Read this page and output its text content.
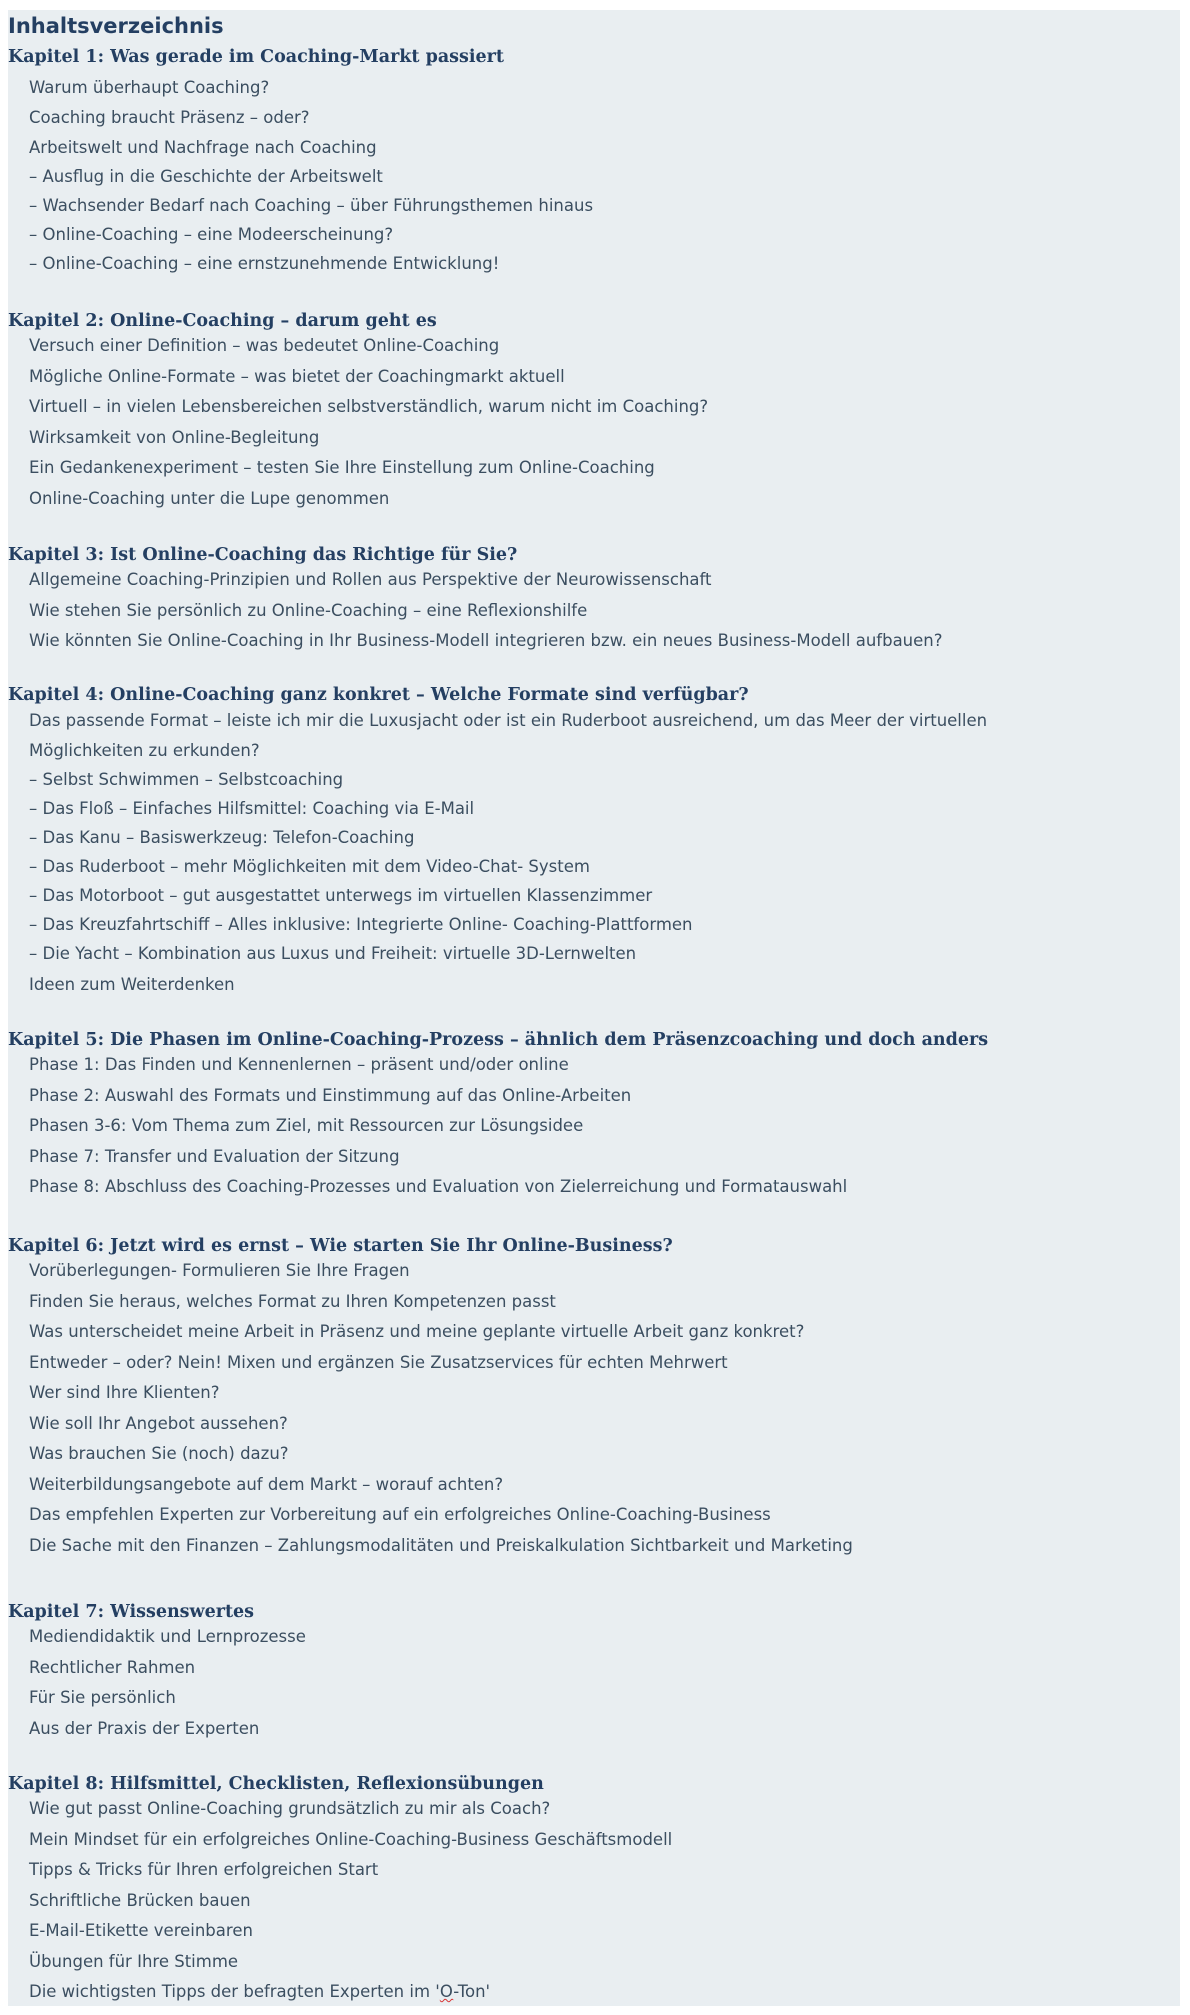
Inhaltsverzeichnis
Kapitel 1: Was gerade im Coaching-Markt passiert
Warum überhaupt Coaching?
Coaching braucht Präsenz – oder?
Arbeitswelt und Nachfrage nach Coaching
– Ausflug in die Geschichte der Arbeitswelt
– Wachsender Bedarf nach Coaching – über Führungsthemen hinaus
– Online-Coaching – eine Modeerscheinung?
– Online-Coaching – eine ernstzunehmende Entwicklung!
Kapitel 2: Online-Coaching – darum geht es
Versuch einer Definition – was bedeutet Online-Coaching
Mögliche Online-Formate – was bietet der Coachingmarkt aktuell
Virtuell – in vielen Lebensbereichen selbstverständlich, warum nicht im Coaching?
Wirksamkeit von Online-Begleitung
Ein Gedankenexperiment – testen Sie Ihre Einstellung zum Online-Coaching
Online-Coaching unter die Lupe genommen
Kapitel 3: Ist Online-Coaching das Richtige für Sie?
Allgemeine Coaching-Prinzipien und Rollen aus Perspektive der Neurowissenschaft
Wie stehen Sie persönlich zu Online-Coaching – eine Reflexionshilfe
Wie könnten Sie Online-Coaching in Ihr Business-Modell integrieren bzw. ein neues Business-Modell aufbauen?
Kapitel 4: Online-Coaching ganz konkret – Welche Formate sind verfügbar?
Das passende Format – leiste ich mir die Luxusjacht oder ist ein Ruderboot ausreichend, um das Meer der virtuellen Möglichkeiten zu erkunden?
– Selbst Schwimmen – Selbstcoaching
– Das Floß – Einfaches Hilfsmittel: Coaching via E-Mail
– Das Kanu – Basiswerkzeug: Telefon-Coaching
– Das Ruderboot – mehr Möglichkeiten mit dem Video-Chat- System
– Das Motorboot – gut ausgestattet unterwegs im virtuellen Klassenzimmer
– Das Kreuzfahrtschiff – Alles inklusive: Integrierte Online- Coaching-Plattformen
– Die Yacht – Kombination aus Luxus und Freiheit: virtuelle 3D-Lernwelten
Ideen zum Weiterdenken
Kapitel 5: Die Phasen im Online-Coaching-Prozess – ähnlich dem Präsenzcoaching und doch anders
Phase 1: Das Finden und Kennenlernen – präsent und/oder online
Phase 2: Auswahl des Formats und Einstimmung auf das Online-Arbeiten
Phasen 3-6: Vom Thema zum Ziel, mit Ressourcen zur Lösungsidee
Phase 7: Transfer und Evaluation der Sitzung
Phase 8: Abschluss des Coaching-Prozesses und Evaluation von Zielerreichung und Formatauswahl
Kapitel 6: Jetzt wird es ernst – Wie starten Sie Ihr Online-Business?
Vorüberlegungen- Formulieren Sie Ihre Fragen
Finden Sie heraus, welches Format zu Ihren Kompetenzen passt
Was unterscheidet meine Arbeit in Präsenz und meine geplante virtuelle Arbeit ganz konkret?
Entweder – oder? Nein! Mixen und ergänzen Sie Zusatzservices für echten Mehrwert
Wer sind Ihre Klienten?
Wie soll Ihr Angebot aussehen?
Was brauchen Sie (noch) dazu?
Weiterbildungsangebote auf dem Markt – worauf achten?
Das empfehlen Experten zur Vorbereitung auf ein erfolgreiches Online-Coaching-Business
Die Sache mit den Finanzen – Zahlungsmodalitäten und Preiskalkulation Sichtbarkeit und Marketing
Kapitel 7: Wissenswertes
Mediendidaktik und Lernprozesse
Rechtlicher Rahmen
Für Sie persönlich
Aus der Praxis der Experten
Kapitel 8: Hilfsmittel, Checklisten, Reflexionsübungen
Wie gut passt Online-Coaching grundsätzlich zu mir als Coach?
Mein Mindset für ein erfolgreiches Online-Coaching-Business Geschäftsmodell
Tipps & Tricks für Ihren erfolgreichen Start
Schriftliche Brücken bauen
E-Mail-Etikette vereinbaren
Übungen für Ihre Stimme
Die wichtigsten Tipps der befragten Experten im 'O-Ton'
